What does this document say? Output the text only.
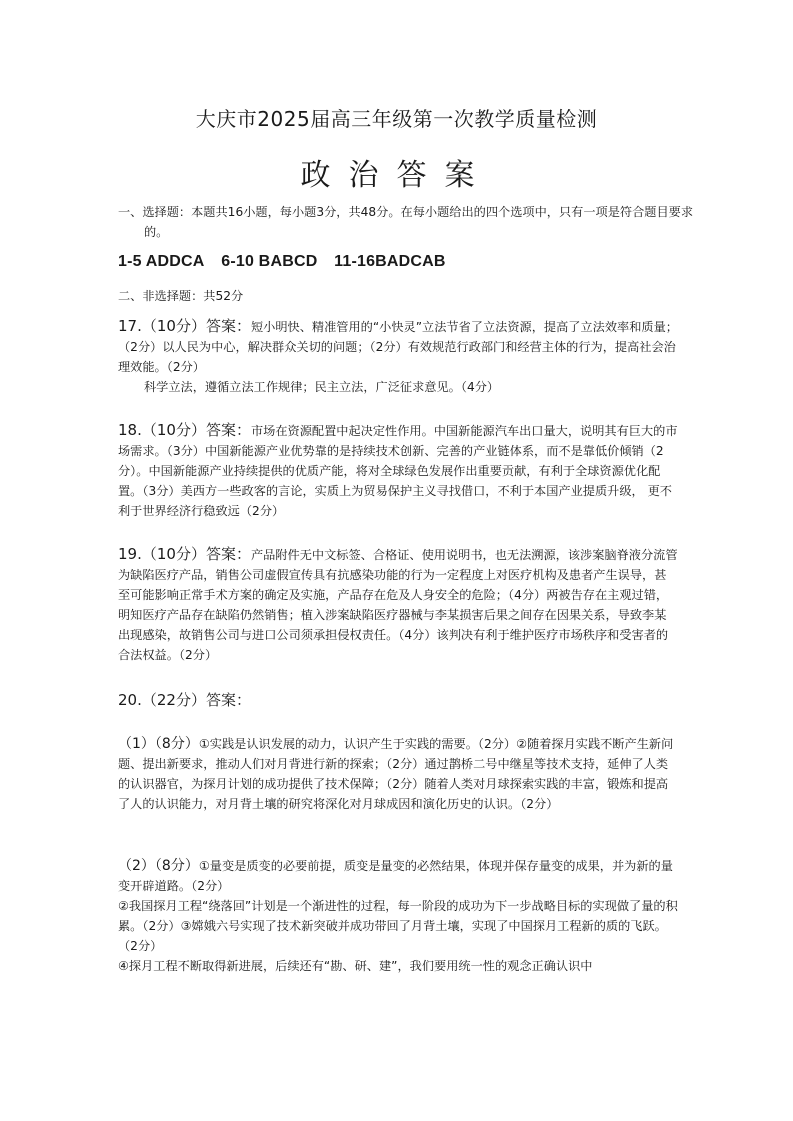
大庆市2025届高三年级第一次教学质量检测
政治答案
一、选择题：本题共16小题，每小题3分，共48分。在每小题给出的四个选项中，只有一项是符合题目要求的。
1-5 ADDCA 6-10 BABCD 11-16BADCAB
二、非选择题：共52分
17.（10分）答案：短小明快、精准管用的“小快灵”立法节省了立法资源，提高了立法效率和质量；（2分）以人民为中心，解决群众关切的问题；（2分）有效规范行政部门和经营主体的行为，提高社会治理效能。（2分）
科学立法，遵循立法工作规律；民主立法，广泛征求意见。（4分）
18.（10分）答案：市场在资源配置中起决定性作用。中国新能源汽车出口量大，说明其有巨大的市场需求。（3分）中国新能源产业优势靠的是持续技术创新、完善的产业链体系，而不是靠低价倾销（2分）。中国新能源产业持续提供的优质产能，将对全球绿色发展作出重要贡献，有利于全球资源优化配置。（3分）美西方一些政客的言论，实质上为贸易保护主义寻找借口，不利于本国产业提质升级， 更不利于世界经济行稳致远（2分）
19.（10分）答案：产品附件无中文标签、合格证、使用说明书，也无法溯源，该涉案脑脊液分流管为缺陷医疗产品，销售公司虚假宣传具有抗感染功能的行为一定程度上对医疗机构及患者产生误导，甚至可能影响正常手术方案的确定及实施，产品存在危及人身安全的危险；（4分）两被告存在主观过错，明知医疗产品存在缺陷仍然销售；植入涉案缺陷医疗器械与李某损害后果之间存在因果关系，导致李某出现感染，故销售公司与进口公司须承担侵权责任。（4分）该判决有利于维护医疗市场秩序和受害者的合法权益。（2分）
20.（22分）答案：
（1）（8分）①实践是认识发展的动力，认识产生于实践的需要。（2分）②随着探月实践不断产生新问题、提出新要求，推动人们对月背进行新的探索；（2分）通过鹊桥二号中继星等技术支持，延伸了人类的认识器官，为探月计划的成功提供了技术保障；（2分）随着人类对月球探索实践的丰富，锻炼和提高了人的认识能力，对月背土壤的研究将深化对月球成因和演化历史的认识。（2分）
（2）（8分）①量变是质变的必要前提，质变是量变的必然结果，体现并保存量变的成果，并为新的量变开辟道路。（2分）
②我国探月工程“绕落回”计划是一个渐进性的过程，每一阶段的成功为下一步战略目标的实现做了量的积累。（2分）③嫦娥六号实现了技术新突破并成功带回了月背土壤，实现了中国探月工程新的质的飞跃。（2分）
④探月工程不断取得新进展，后续还有“勘、研、建”，我们要用统一性的观念正确认识中
